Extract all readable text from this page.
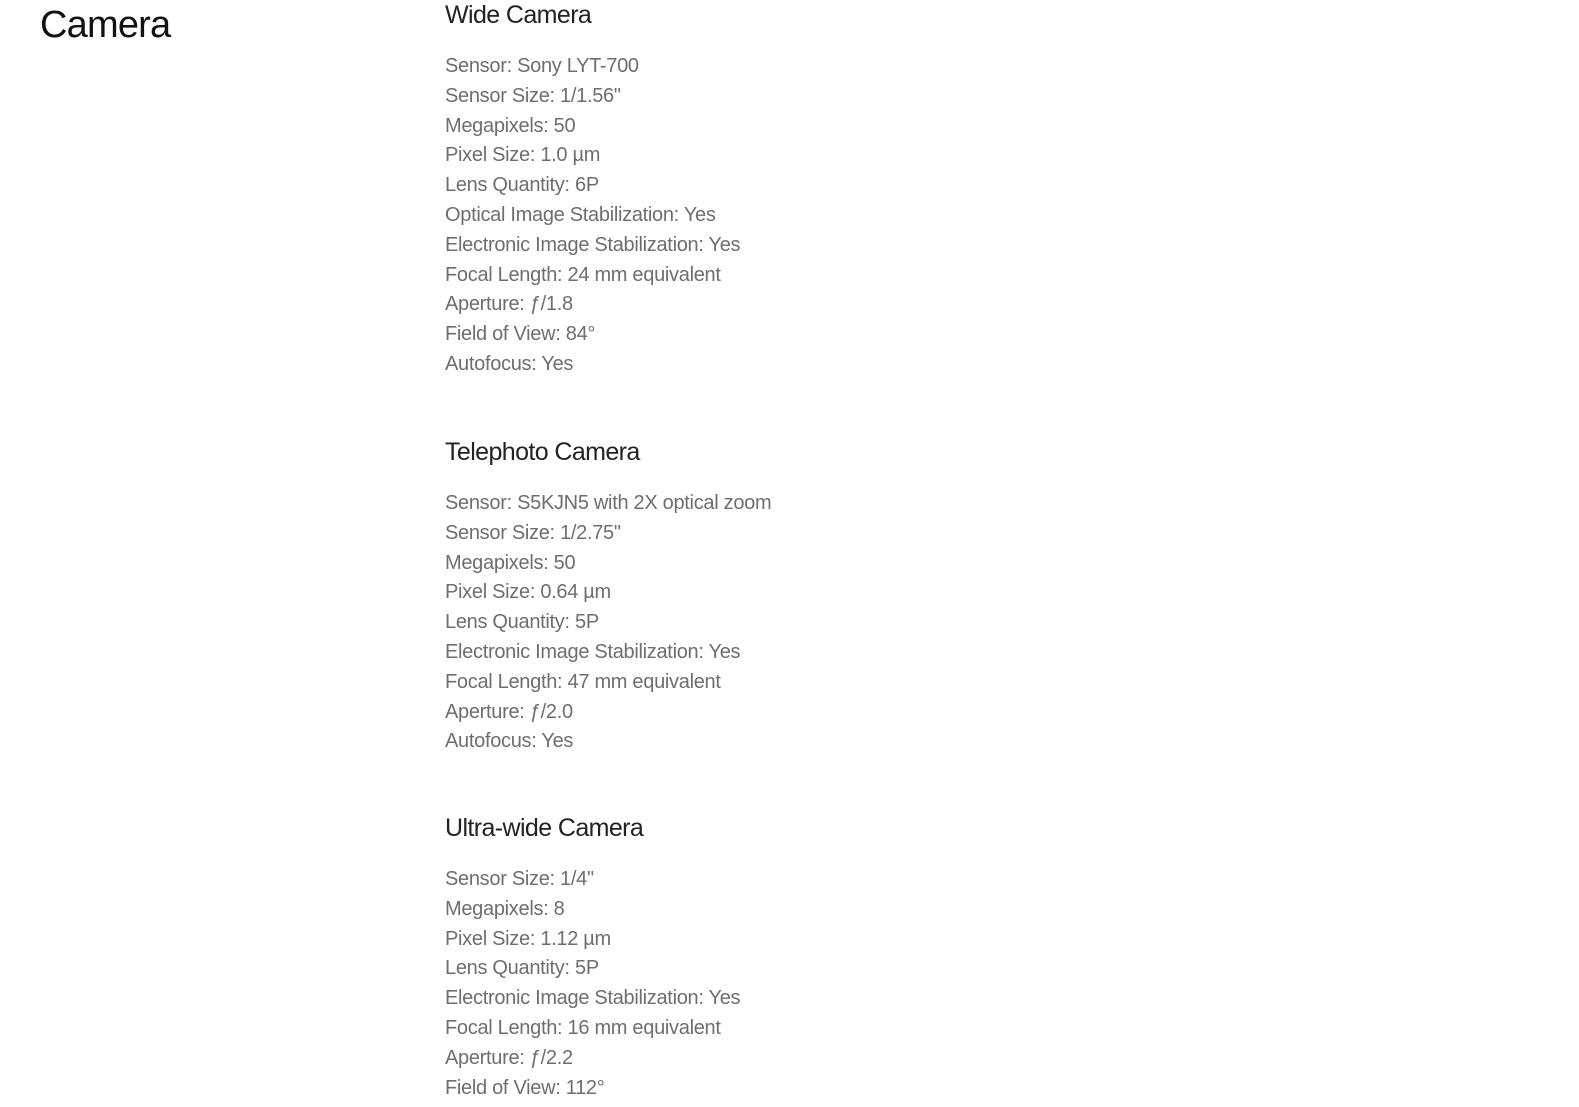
Camera	Wide Camera
Sensor: Sony LYT-700
Sensor Size: 1/1.56"
Megapixels: 50
Pixel Size: 1.0 µm
Lens Quantity: 6P
Optical Image Stabilization: Yes
Electronic Image Stabilization: Yes
Focal Length: 24 mm equivalent
Aperture: ƒ/1.8
Field of View: 84°
Autofocus: Yes
Telephoto Camera
Sensor: S5KJN5 with 2X optical zoom
Sensor Size: 1/2.75"
Megapixels: 50
Pixel Size: 0.64 µm
Lens Quantity: 5P
Electronic Image Stabilization: Yes
Focal Length: 47 mm equivalent
Aperture: ƒ/2.0
Autofocus: Yes
Ultra-wide Camera
Sensor Size: 1/4"
Megapixels: 8
Pixel Size: 1.12 µm
Lens Quantity: 5P
Electronic Image Stabilization: Yes
Focal Length: 16 mm equivalent
Aperture: ƒ/2.2
Field of View: 112°
